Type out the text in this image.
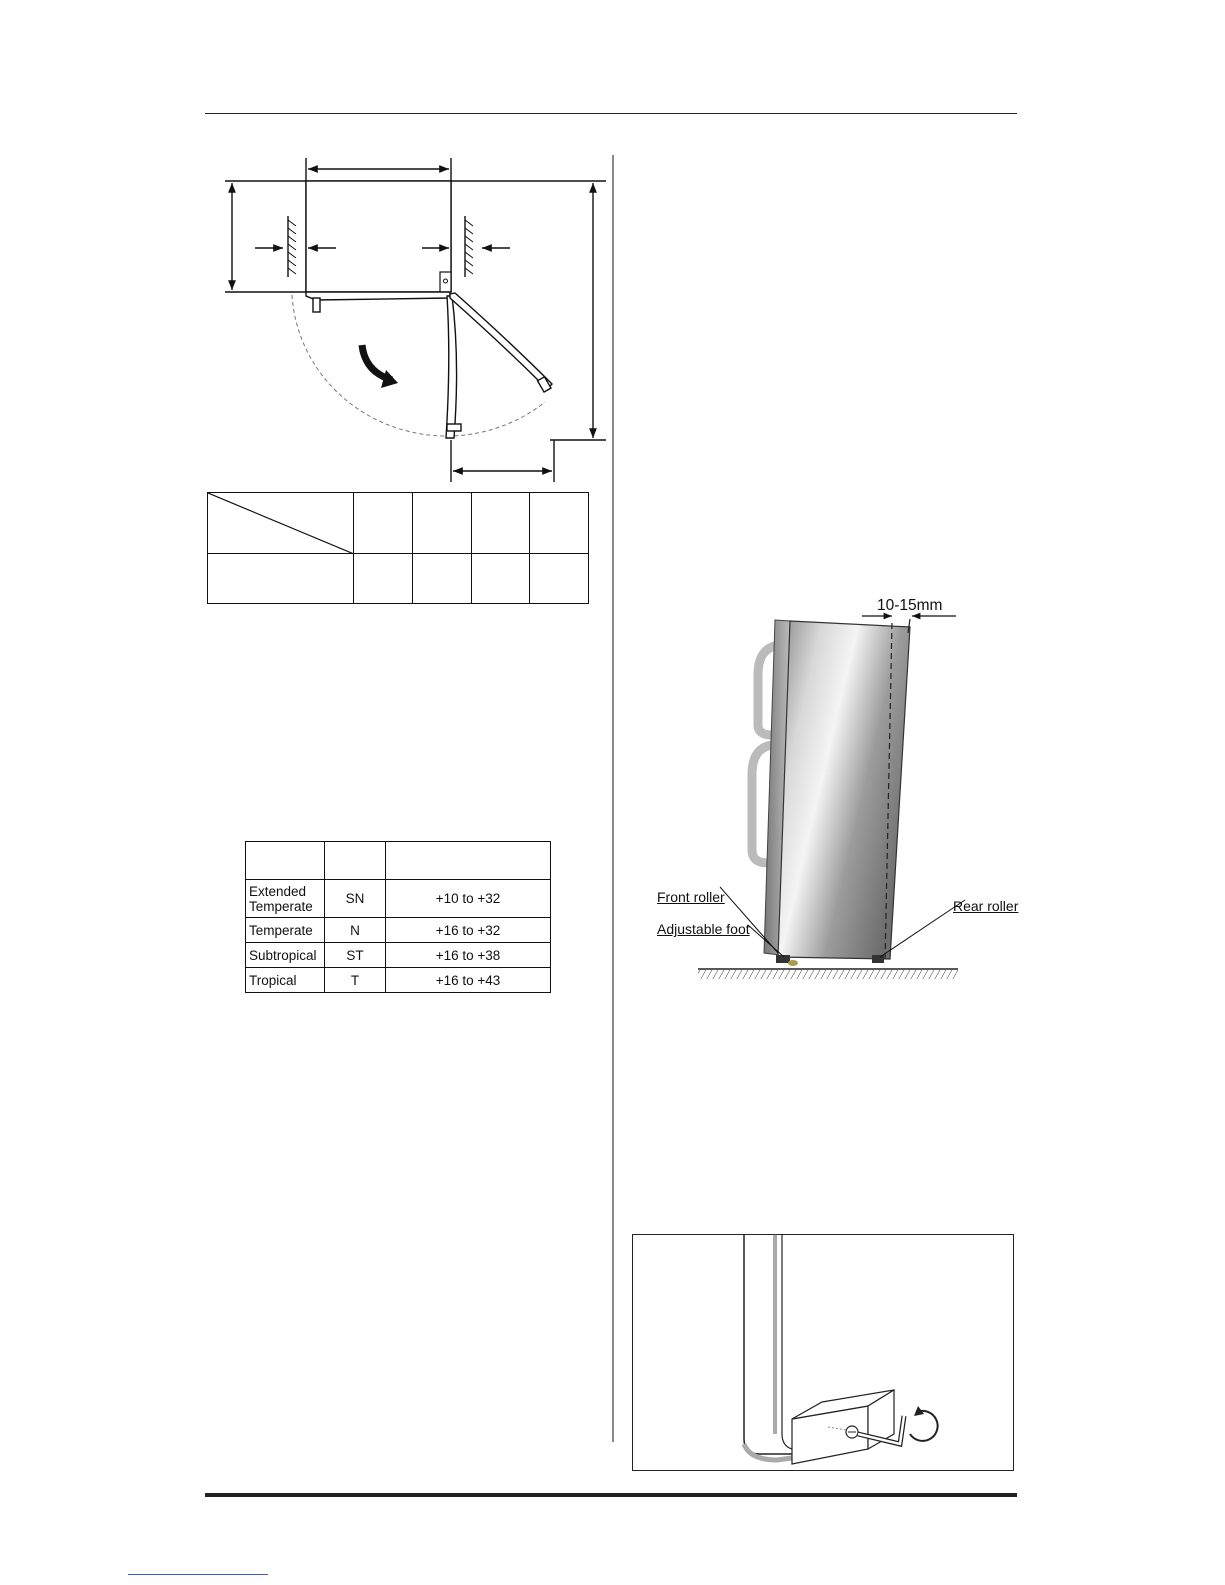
Extended Temperate	SN	+10 to +32
Temperate	N	+16 to +32
Subtropical	ST	+16 to +38
Tropical	T	+16 to +43
10-15mm
Front roller
Adjustable foot
Rear roller
